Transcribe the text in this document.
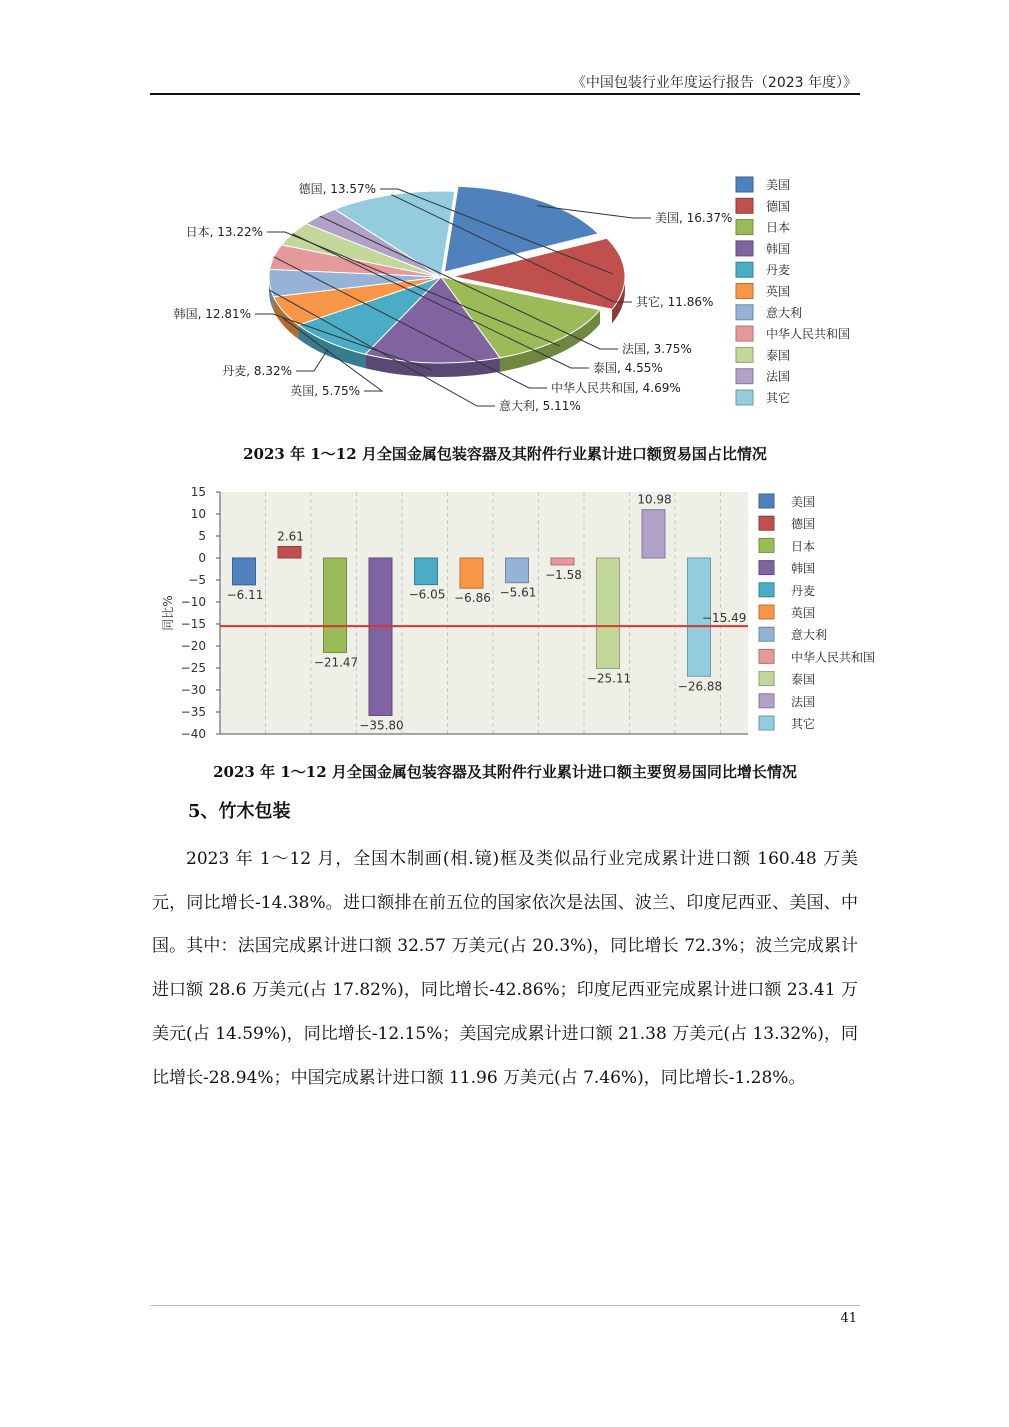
《中国包装行业年度运行报告（2023 年度）》
美国, 16.37%
德国, 13.57%
日本, 13.22%
韩国, 12.81%
丹麦, 8.32%
英国, 5.75%
意大利, 5.11%
中华人民共和国, 4.69%
泰国, 4.55%
法国, 3.75%
其它, 11.86%
美国
德国
日本
韩国
丹麦
英国
意大利
中华人民共和国
泰国
法国
其它
2023 年 1～12 月全国金属包装容器及其附件行业累计进口额贸易国占比情况
15
10
5
0
−5
−10
−15
−20
−25
−30
−35
−40
同比%
−6.11
2.61
−21.47
−35.80
−6.05 −6.86 −5.61
−1.58
−25.11
10.98
−26.88
−15.49
美国
德国
日本
韩国
丹麦
英国
意大利
中华人民共和国
泰国
法国
其它
2023 年 1～12 月全国金属包装容器及其附件行业累计进口额主要贸易国同比增长情况
5、竹木包装
2023 年 1～12 月，全国木制画(相.镜)框及类似品行业完成累计进口额 160.48 万美元，同比增长-14.38%。进口额排在前五位的国家依次是法国、波兰、印度尼西亚、美国、中国。其中：法国完成累计进口额 32.57 万美元(占 20.3%)，同比增长 72.3%；波兰完成累计进口额 28.6 万美元(占 17.82%)，同比增长-42.86%；印度尼西亚完成累计进口额 23.41 万美元(占 14.59%)，同比增长-12.15%；美国完成累计进口额 21.38 万美元(占 13.32%)，同比增长-28.94%；中国完成累计进口额 11.96 万美元(占 7.46%)，同比增长-1.28%。
41
